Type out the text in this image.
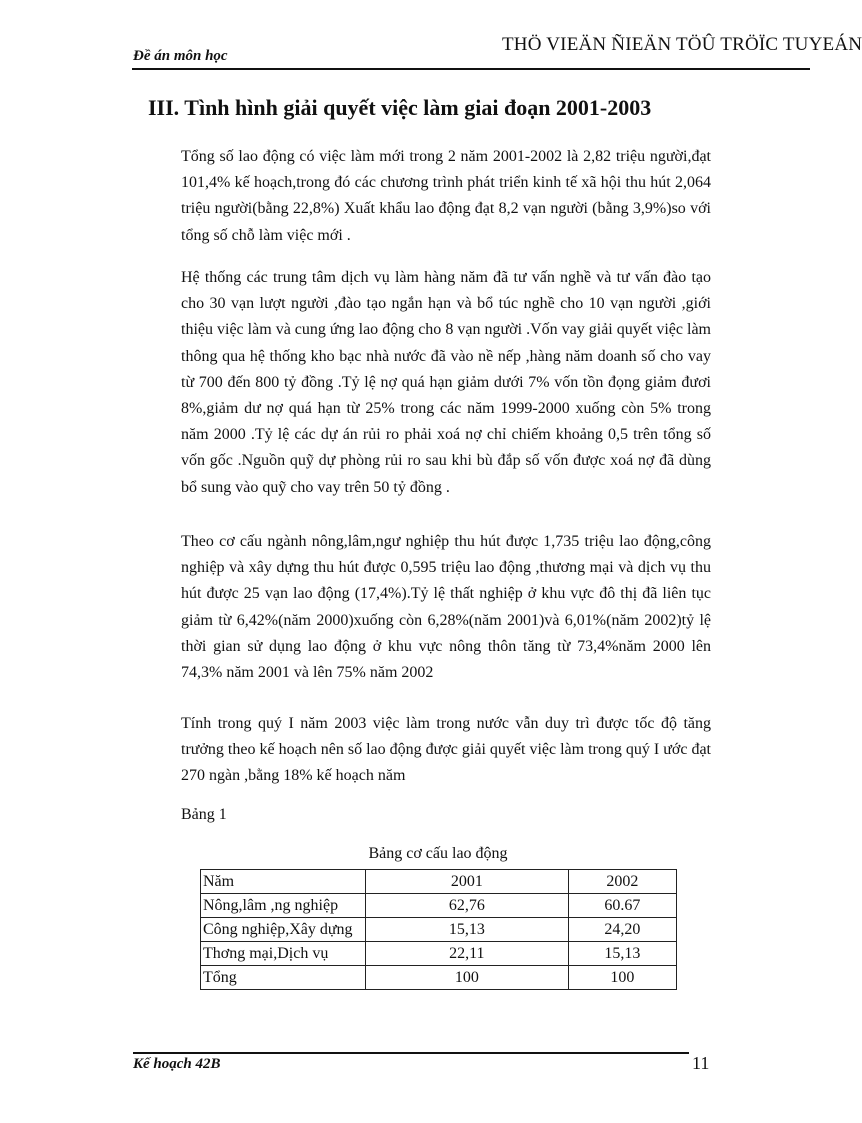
Đề án môn học
THÖ VIEÄN ÑIEÄN TÖÛ TRÖÏC TUYEÁN
III. Tình hình giải quyết việc làm giai đoạn 2001-2003

Tổng số lao động có việc làm mới trong 2 năm 2001-2002 là 2,82 triệu người,đạt 101,4% kế hoạch,trong đó các chương trình phát triển kinh tế xã hội thu hút 2,064 triệu người(bằng 22,8%) Xuất khẩu lao động đạt 8,2 vạn người (bằng 3,9%)so với tổng số chỗ làm việc mới .

Hệ thống các trung tâm dịch vụ làm hàng năm đã tư vấn nghề và tư vấn đào tạo cho 30 vạn lượt người ,đào tạo ngắn hạn và bổ túc nghề cho 10 vạn người ,giới thiệu việc làm và cung ứng lao động cho 8 vạn người .Vốn vay giải quyết việc làm thông qua hệ thống kho bạc nhà nước đã vào nề nếp ,hàng năm doanh số cho vay từ 700 đến 800 tỷ đồng .Tỷ lệ nợ quá hạn giảm dưới 7% vốn tồn đọng giảm đươi 8%,giảm dư nợ quá hạn từ 25% trong các năm 1999-2000 xuống còn 5% trong năm 2000 .Tỷ lệ các dự án rủi ro phải xoá nợ chỉ chiếm khoảng 0,5 trên tổng số vốn gốc .Nguồn quỹ dự phòng rủi ro sau khi bù đắp số vốn được xoá nợ đã dùng bổ sung vào quỹ cho vay trên 50 tỷ đồng .

Theo cơ cấu ngành nông,lâm,ngư nghiệp thu hút được 1,735 triệu lao động,công nghiệp và xây dựng thu hút được 0,595 triệu lao động ,thương mại và dịch vụ thu hút được 25 vạn lao động (17,4%).Tỷ lệ thất nghiệp ở khu vực đô thị đã liên tục giảm từ 6,42%(năm 2000)xuống còn 6,28%(năm 2001)và 6,01%(năm 2002)tỷ lệ thời gian sử dụng lao động ở khu vực nông thôn tăng từ 73,4%năm 2000 lên 74,3% năm 2001 và lên 75% năm 2002

Tính trong quý I năm 2003 việc làm trong nước vẫn duy trì được tốc độ tăng trưởng theo kế hoạch nên số lao động được giải quyết việc làm trong quý I ước đạt 270 ngàn ,bằng 18% kế hoạch năm

Bảng 1
Bảng cơ cấu lao động
Năm	2001	2002
Nông,lâm ,ng nghiệp	62,76	60.67
Công nghiệp,Xây dựng	15,13	24,20
Thơng mại,Dịch vụ	22,11	15,13
Tổng	100	100
Kế hoạch 42B	11
